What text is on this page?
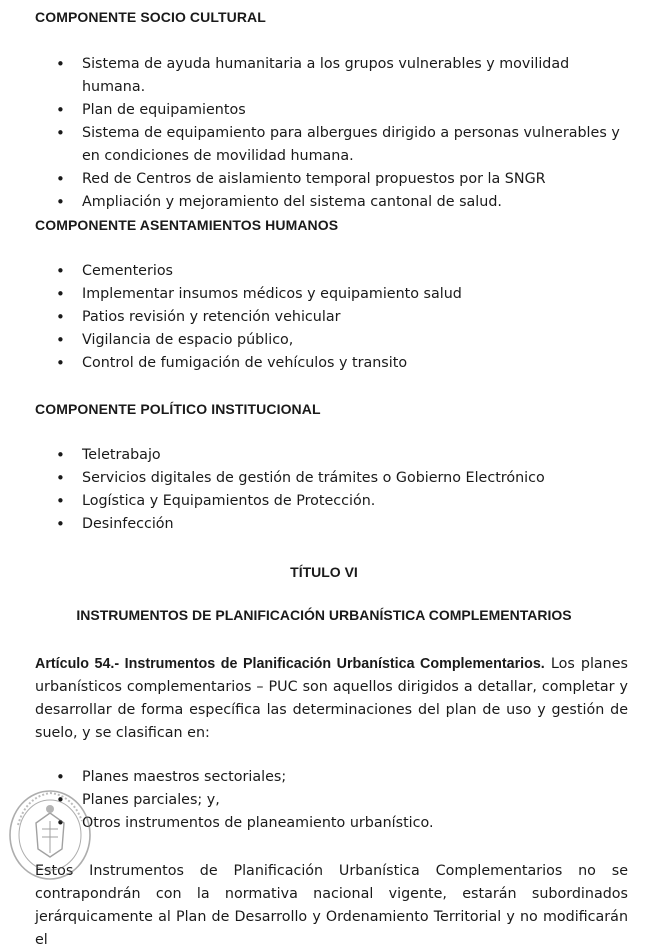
COMPONENTE SOCIO CULTURAL
• Sistema de ayuda humanitaria a los grupos vulnerables y movilidad humana.
• Plan de equipamientos
• Sistema de equipamiento para albergues dirigido a personas vulnerables y en condiciones de movilidad humana.
• Red de Centros de aislamiento temporal propuestos por la SNGR
• Ampliación y mejoramiento del sistema cantonal de salud.
COMPONENTE ASENTAMIENTOS HUMANOS
• Cementerios
• Implementar insumos médicos y equipamiento salud
• Patios revisión y retención vehicular
• Vigilancia de espacio público,
• Control de fumigación de vehículos y transito
COMPONENTE POLÍTICO INSTITUCIONAL
• Teletrabajo
• Servicios digitales de gestión de trámites o Gobierno Electrónico
• Logística y Equipamientos de Protección.
• Desinfección
TÍTULO VI
INSTRUMENTOS DE PLANIFICACIÓN URBANÍSTICA COMPLEMENTARIOS
Artículo 54.- Instrumentos de Planificación Urbanística Complementarios. Los planes urbanísticos complementarios – PUC son aquellos dirigidos a detallar, completar y desarrollar de forma específica las determinaciones del plan de uso y gestión de suelo, y se clasifican en:
• Planes maestros sectoriales;
• Planes parciales; y,
• Otros instrumentos de planeamiento urbanístico.
Estos Instrumentos de Planificación Urbanística Complementarios no se contrapondrán con la normativa nacional vigente, estarán subordinados jerárquicamente al Plan de Desarrollo y Ordenamiento Territorial y no modificarán el
